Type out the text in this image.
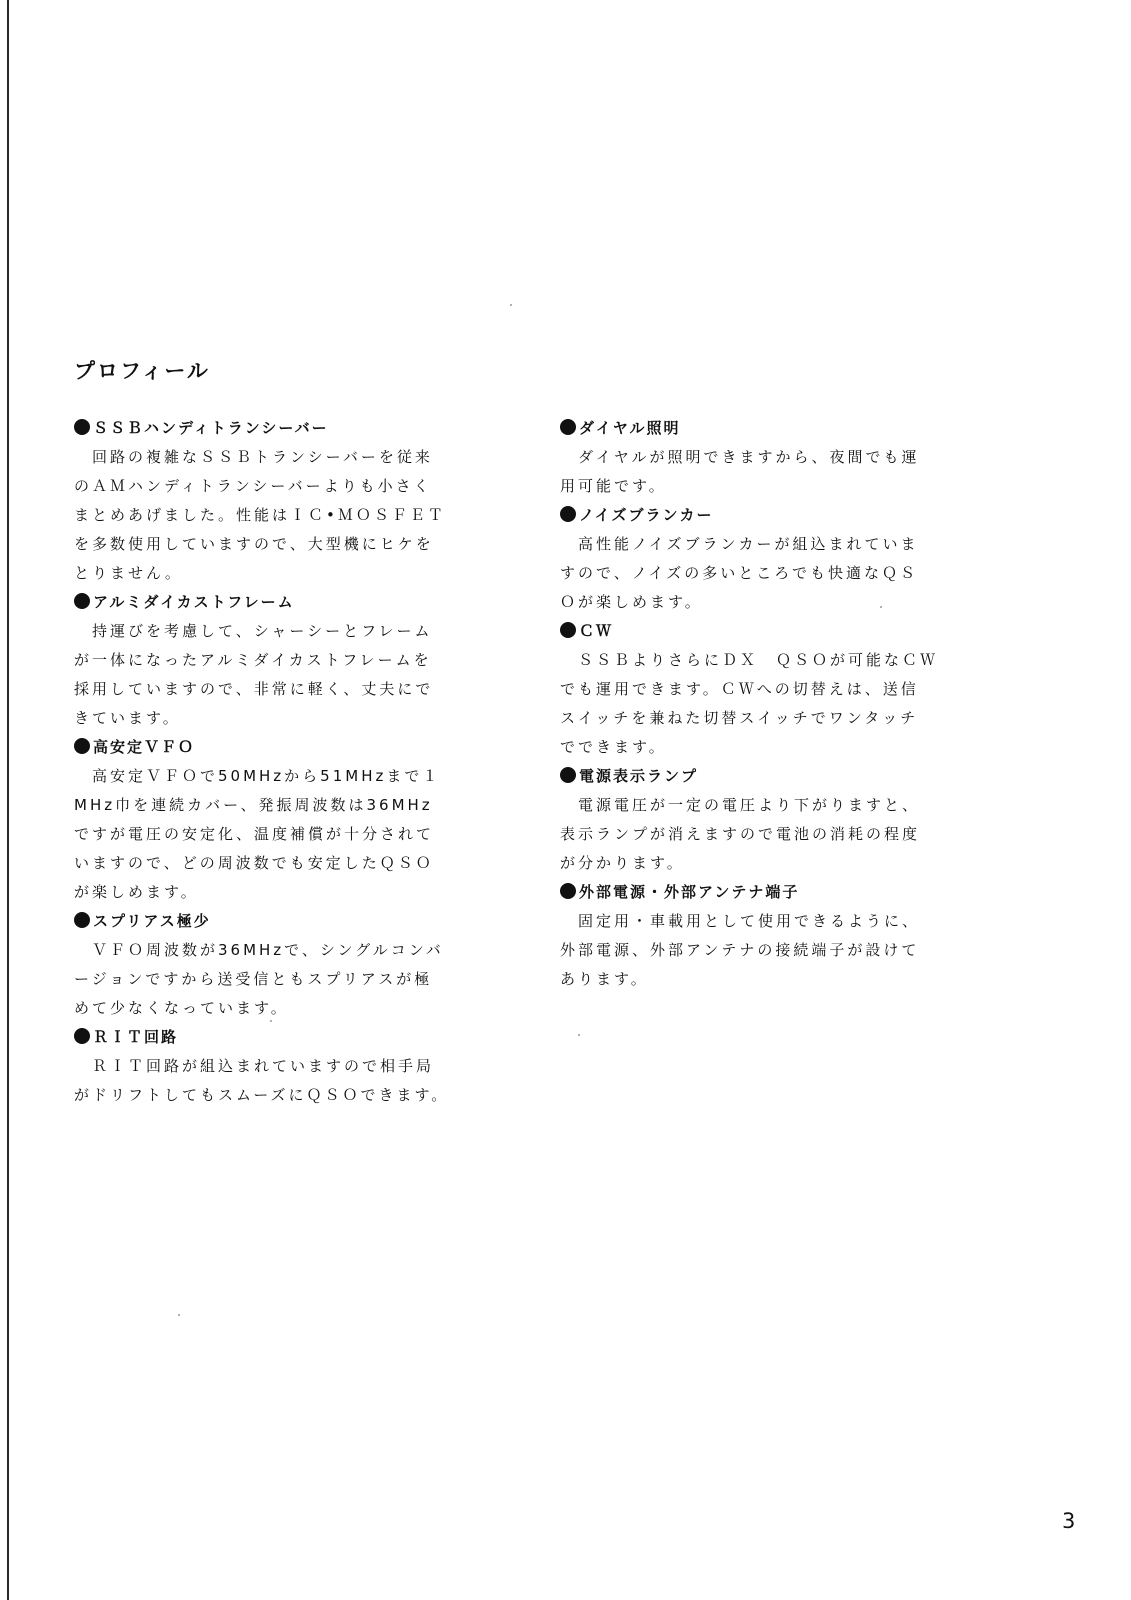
プロフィール
ＳＳＢハンディトランシーバー
　回路の複雑なＳＳＢトランシーバーを従来
のＡＭハンディトランシーバーよりも小さく
まとめあげました。性能はＩＣ•ＭＯＳＦＥＴ
を多数使用していますので、大型機にヒケを
とりません。
アルミダイカストフレーム
　持運びを考慮して、シャーシーとフレーム
が一体になったアルミダイカストフレームを
採用していますので、非常に軽く、丈夫にで
きています。
高安定ＶＦＯ
　高安定ＶＦＯで50MHzから51MHzまで１
MHz巾を連続カバー、発振周波数は36MHz
ですが電圧の安定化、温度補償が十分されて
いますので、どの周波数でも安定したＱＳＯ
が楽しめます。
スプリアス極少
　ＶＦＯ周波数が36MHzで、シングルコンバ
ージョンですから送受信ともスプリアスが極
めて少なくなっています。
ＲＩＴ回路
　ＲＩＴ回路が組込まれていますので相手局
がドリフトしてもスムーズにＱＳＯできます。
ダイヤル照明
　ダイヤルが照明できますから、夜間でも運
用可能です。
ノイズブランカー
　高性能ノイズブランカーが組込まれていま
すので、ノイズの多いところでも快適なＱＳ
Ｏが楽しめます。
ＣＷ
　ＳＳＢよりさらにＤＸ　ＱＳＯが可能なＣＷ
でも運用できます。ＣＷへの切替えは、送信
スイッチを兼ねた切替スイッチでワンタッチ
でできます。
電源表示ランプ
　電源電圧が一定の電圧より下がりますと、
表示ランプが消えますので電池の消耗の程度
が分かります。
外部電源・外部アンテナ端子
　固定用・車載用として使用できるように、
外部電源、外部アンテナの接続端子が設けて
あります。
3
